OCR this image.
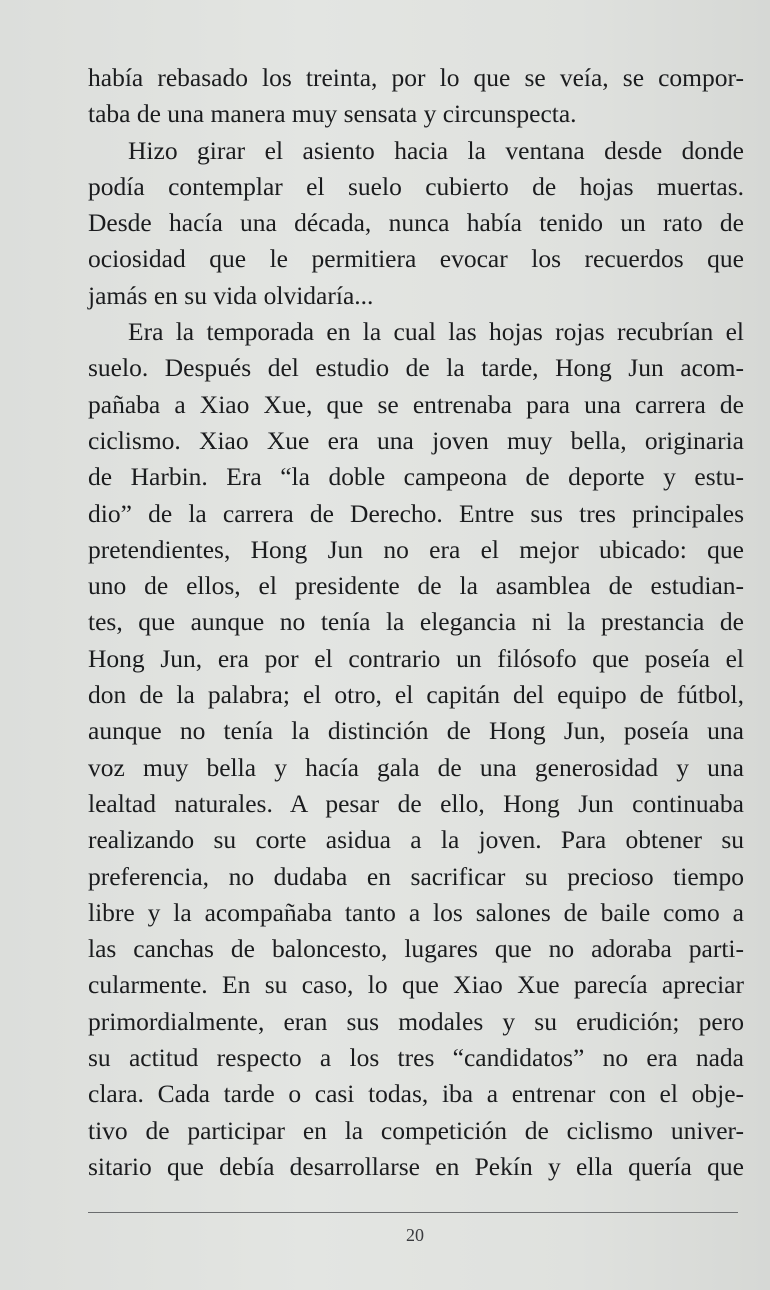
había rebasado los treinta, por lo que se veía, se compor-
taba de una manera muy sensata y circunspecta.
Hizo girar el asiento hacia la ventana desde donde
podía contemplar el suelo cubierto de hojas muertas.
Desde hacía una década, nunca había tenido un rato de
ociosidad que le permitiera evocar los recuerdos que
jamás en su vida olvidaría...
Era la temporada en la cual las hojas rojas recubrían el
suelo. Después del estudio de la tarde, Hong Jun acom-
pañaba a Xiao Xue, que se entrenaba para una carrera de
ciclismo. Xiao Xue era una joven muy bella, originaria
de Harbin. Era “la doble campeona de deporte y estu-
dio” de la carrera de Derecho. Entre sus tres principales
pretendientes, Hong Jun no era el mejor ubicado: que
uno de ellos, el presidente de la asamblea de estudian-
tes, que aunque no tenía la elegancia ni la prestancia de
Hong Jun, era por el contrario un filósofo que poseía el
don de la palabra; el otro, el capitán del equipo de fútbol,
aunque no tenía la distinción de Hong Jun, poseía una
voz muy bella y hacía gala de una generosidad y una
lealtad naturales. A pesar de ello, Hong Jun continuaba
realizando su corte asidua a la joven. Para obtener su
preferencia, no dudaba en sacrificar su precioso tiempo
libre y la acompañaba tanto a los salones de baile como a
las canchas de baloncesto, lugares que no adoraba parti-
cularmente. En su caso, lo que Xiao Xue parecía apreciar
primordialmente, eran sus modales y su erudición; pero
su actitud respecto a los tres “candidatos” no era nada
clara. Cada tarde o casi todas, iba a entrenar con el obje-
tivo de participar en la competición de ciclismo univer-
sitario que debía desarrollarse en Pekín y ella quería que
20
